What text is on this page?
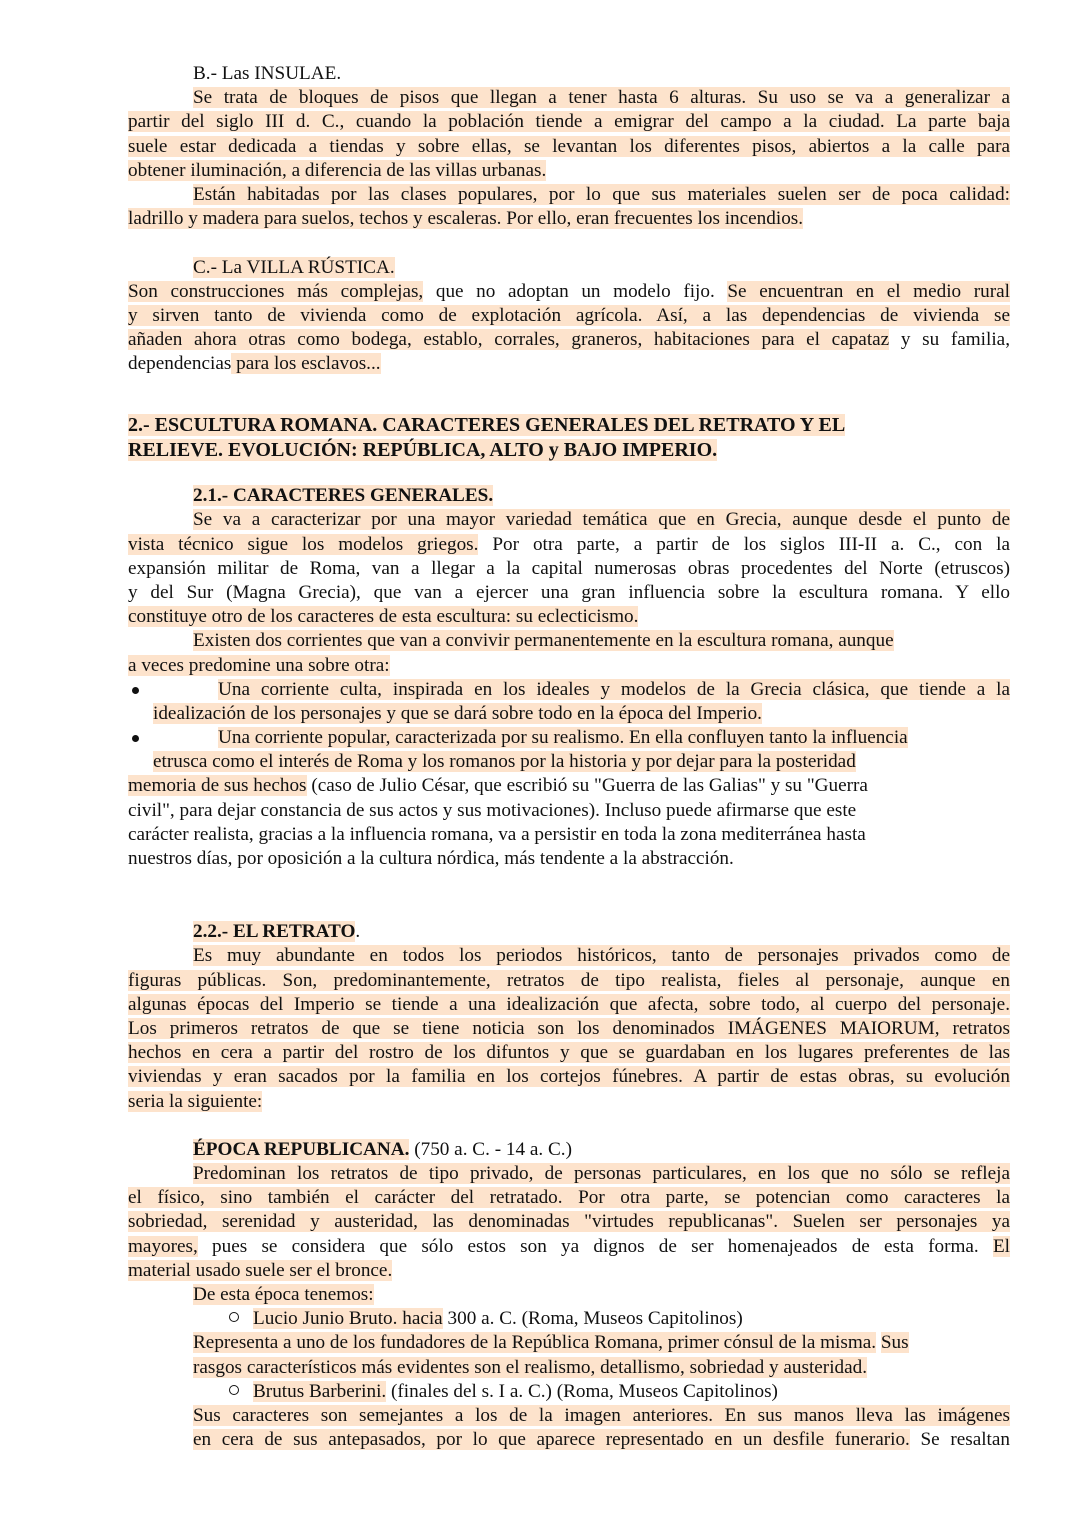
B.- Las INSULAE.
Se trata de bloques de pisos que llegan a tener hasta 6 alturas. Su uso se va a generalizar a
partir del siglo III d. C., cuando la población tiende a emigrar del campo a la ciudad. La parte baja
suele estar dedicada a tiendas y sobre ellas, se levantan los diferentes pisos, abiertos a la calle para
obtener iluminación, a diferencia de las villas urbanas.
Están habitadas por las clases populares, por lo que sus materiales suelen ser de poca calidad:
ladrillo y madera para suelos, techos y escaleras. Por ello, eran frecuentes los incendios.
C.- La VILLA RÚSTICA.
Son construcciones más complejas, que no adoptan un modelo fijo. Se encuentran en el medio rural
y sirven tanto de vivienda como de explotación agrícola. Así, a las dependencias de vivienda se
añaden ahora otras como bodega, establo, corrales, graneros, habitaciones para el capataz y su familia,
dependencias para los esclavos...
2.- ESCULTURA ROMANA. CARACTERES GENERALES DEL RETRATO Y EL
RELIEVE. EVOLUCIÓN: REPÚBLICA, ALTO y BAJO IMPERIO.
2.1.- CARACTERES GENERALES.
Se va a caracterizar por una mayor variedad temática que en Grecia, aunque desde el punto de
vista técnico sigue los modelos griegos. Por otra parte, a partir de los siglos III-II a. C., con la
expansión militar de Roma, van a llegar a la capital numerosas obras procedentes del Norte (etruscos)
y del Sur (Magna Grecia), que van a ejercer una gran influencia sobre la escultura romana. Y ello
constituye otro de los caracteres de esta escultura: su eclecticismo.
Existen dos corrientes que van a convivir permanentemente en la escultura romana, aunque
a veces predomine una sobre otra:
Una corriente culta, inspirada en los ideales y modelos de la Grecia clásica, que tiende a la
idealización de los personajes y que se dará sobre todo en la época del Imperio.
Una corriente popular, caracterizada por su realismo. En ella confluyen tanto la influencia
etrusca como el interés de Roma y los romanos por la historia y por dejar para la posteridad
memoria de sus hechos (caso de Julio César, que escribió su "Guerra de las Galias" y su "Guerra
civil", para dejar constancia de sus actos y sus motivaciones). Incluso puede afirmarse que este
carácter realista, gracias a la influencia romana, va a persistir en toda la zona mediterránea hasta
nuestros días, por oposición a la cultura nórdica, más tendente a la abstracción.
2.2.- EL RETRATO.
Es muy abundante en todos los periodos históricos, tanto de personajes privados como de
figuras públicas. Son, predominantemente, retratos de tipo realista, fieles al personaje, aunque en
algunas épocas del Imperio se tiende a una idealización que afecta, sobre todo, al cuerpo del personaje.
Los primeros retratos de que se tiene noticia son los denominados IMÁGENES MAIORUM, retratos
hechos en cera a partir del rostro de los difuntos y que se guardaban en los lugares preferentes de las
viviendas y eran sacados por la familia en los cortejos fúnebres. A partir de estas obras, su evolución
seria la siguiente:
ÉPOCA REPUBLICANA. (750 a. C. - 14 a. C.)
Predominan los retratos de tipo privado, de personas particulares, en los que no sólo se refleja
el físico, sino también el carácter del retratado. Por otra parte, se potencian como caracteres la
sobriedad, serenidad y austeridad, las denominadas "virtudes republicanas". Suelen ser personajes ya
mayores, pues se considera que sólo estos son ya dignos de ser homenajeados de esta forma. El
material usado suele ser el bronce.
De esta época tenemos:
Lucio Junio Bruto. hacia 300 a. C. (Roma, Museos Capitolinos)
Representa a uno de los fundadores de la República Romana, primer cónsul de la misma. Sus
rasgos característicos más evidentes son el realismo, detallismo, sobriedad y austeridad.
Brutus Barberini. (finales del s. I a. C.) (Roma, Museos Capitolinos)
Sus caracteres son semejantes a los de la imagen anteriores. En sus manos lleva las imágenes
en cera de sus antepasados, por lo que aparece representado en un desfile funerario. Se resaltan
